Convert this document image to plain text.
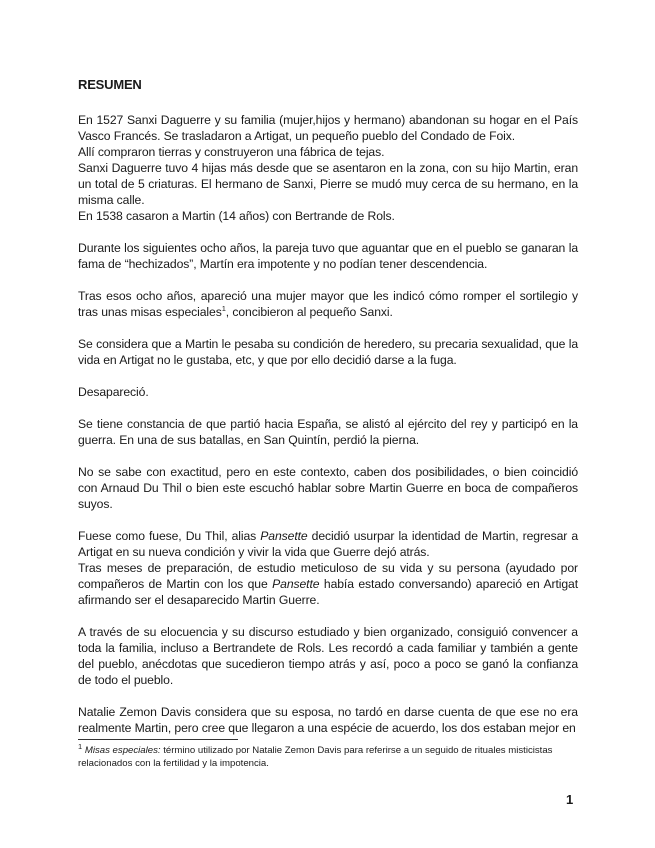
RESUMEN

En 1527 Sanxi Daguerre y su familia (mujer,hijos y hermano) abandonan su hogar en el País Vasco Francés. Se trasladaron a Artigat, un pequeño pueblo del Condado de Foix.

Allí compraron tierras y construyeron una fábrica de tejas.

Sanxi Daguerre tuvo 4 hijas más desde que se asentaron en la zona, con su hijo Martin, eran un total de 5 criaturas. El hermano de Sanxi, Pierre se mudó muy cerca de su hermano, en la misma calle.

En 1538 casaron a Martin (14 años) con Bertrande de Rols.

Durante los siguientes ocho años, la pareja tuvo que aguantar que en el pueblo se ganaran la fama de “hechizados”, Martín era impotente y no podían tener descendencia.

Tras esos ocho años, apareció una mujer mayor que les indicó cómo romper el sortilegio y tras unas misas especiales$^1$, concibieron al pequeño Sanxi.

Se considera que a Martin le pesaba su condición de heredero, su precaria sexualidad, que la vida en Artigat no le gustaba, etc, y que por ello decidió darse a la fuga.

Desapareció.

Se tiene constancia de que partió hacia España, se alistó al ejército del rey y participó en la guerra. En una de sus batallas, en San Quintín, perdió la pierna.

No se sabe con exactitud, pero en este contexto, caben dos posibilidades, o bien coincidió con Arnaud Du Thil o bien este escuchó hablar sobre Martin Guerre en boca de compañeros suyos.

Fuese como fuese, Du Thil, alias Pansette decidió usurpar la identidad de Martin, regresar a Artigat en su nueva condición y vivir la vida que Guerre dejó atrás.

Tras meses de preparación, de estudio meticuloso de su vida y su persona (ayudado por compañeros de Martin con los que Pansette había estado conversando) apareció en Artigat afirmando ser el desaparecido Martin Guerre.

A través de su elocuencia y su discurso estudiado y bien organizado, consiguió convencer a toda la familia, incluso a Bertrandete de Rols. Les recordó a cada familiar y también a gente del pueblo, anécdotas que sucedieron tiempo atrás y así, poco a poco se ganó la confianza de todo el pueblo.

Natalie Zemon Davis considera que su esposa, no tardó en darse cuenta de que ese no era realmente Martin, pero cree que llegaron a una espécie de acuerdo, los dos estaban mejor en

$^1$ Misas especiales: término utilizado por Natalie Zemon Davis para referirse a un seguido de rituales misticistas relacionados con la fertilidad y la impotencia.
1
